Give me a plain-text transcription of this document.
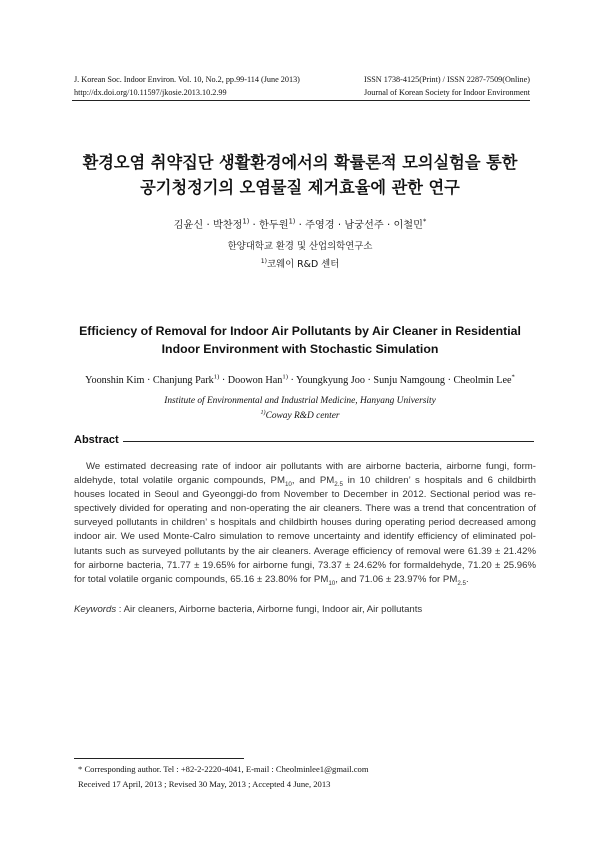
J. Korean Soc. Indoor Environ. Vol. 10, No.2, pp.99-114 (June 2013)	ISSN 1738-4125(Print) / ISSN 2287-7509(Online)
http://dx.doi.org/10.11597/jkosie.2013.10.2.99	Journal of Korean Society for Indoor Environment
환경오염 취약집단 생활환경에서의 확률론적 모의실험을 통한
공기청정기의 오염물질 제거효율에 관한 연구
김윤신 · 박찬정$^{1)}$ · 한두원$^{1)}$ · 주영경 · 남궁선주 · 이철민*
한양대학교 환경 및 산업의학연구소
$^{1)}$코웨이 R&D 센터
Efficiency of Removal for Indoor Air Pollutants by Air Cleaner in Residential
Indoor Environment with Stochastic Simulation
Yoonshin Kim · Chanjung Park$^{1)}$ · Doowon Han$^{1)}$ · Youngkyung Joo · Sunju Namgoung · Cheolmin Lee*
Institute of Environmental and Industrial Medicine, Hanyang University
$^{1)}$Coway R&D center
Abstract
We estimated decreasing rate of indoor air pollutants with are airborne bacteria, airborne fungi, form-aldehyde, total volatile organic compounds, $PM_{10}$, and $PM_{2.5}$ in 10 children’ s hospitals and 6 childbirth houses located in Seoul and Gyeonggi-do from November to December in 2012. Sectional period was re-spectively divided for operating and non-operating the air cleaners. There was a trend that concentration of surveyed pollutants in children’ s hospitals and childbirth houses during operating period decreased among indoor air. We used Monte-Calro simulation to remove uncertainty and identify efficiency of eliminated pol-lutants such as surveyed pollutants by the air cleaners. Average efficiency of removal were 61.39 ± 21.42% for airborne bacteria, 71.77 ± 19.65% for airborne fungi, 73.37 ± 24.62% for formaldehyde, 71.20 ± 25.96% for total volatile organic compounds, 65.16 ± 23.80% for $PM_{10}$, and 71.06 ± 23.97% for $PM_{2.5}$.
Keywords : Air cleaners, Airborne bacteria, Airborne fungi, Indoor air, Air pollutants
* Corresponding author. Tel : +82-2-2220-4041, E-mail : Cheolminlee1@gmail.com
Received 17 April, 2013 ; Revised 30 May, 2013 ; Accepted 4 June, 2013
